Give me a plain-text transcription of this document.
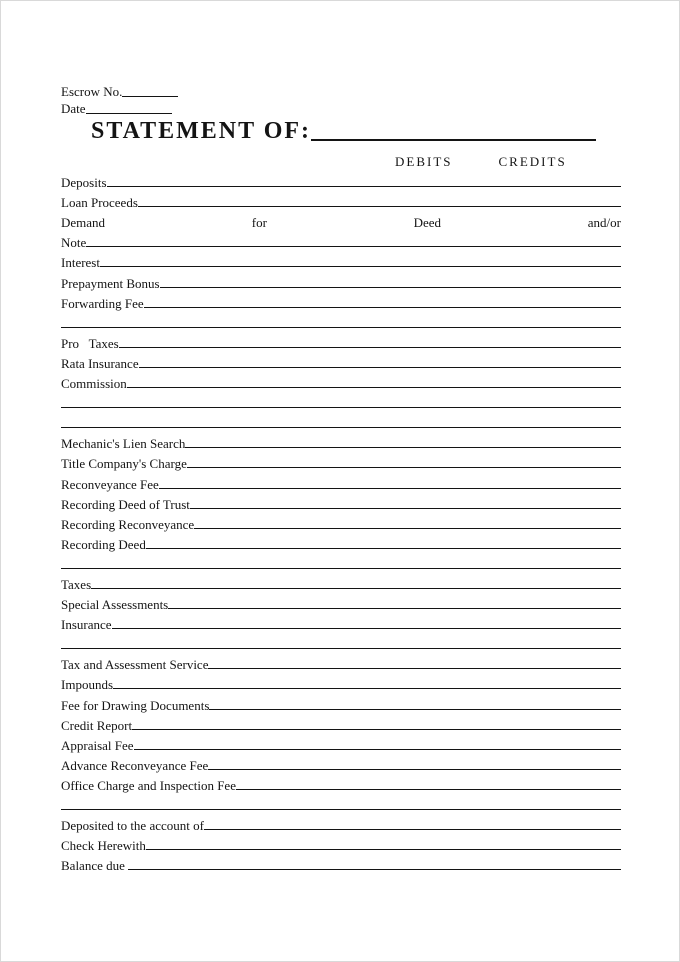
Escrow No.
Date
STATEMENT OF:
DEBITS	CREDITS
Deposits
Loan Proceeds
Demand	for	Deed	and/or
Note
Interest
Prepayment Bonus
Forwarding Fee
Pro   Taxes
Rata Insurance
Commission
Mechanic's Lien Search
Title Company's Charge
Reconveyance Fee
Recording Deed of Trust
Recording Reconveyance
Recording Deed
Taxes
Special Assessments
Insurance
Tax and Assessment Service
Impounds
Fee for Drawing Documents
Credit Report
Appraisal Fee
Advance Reconveyance Fee
Office Charge and Inspection Fee
Deposited to the account of
Check Herewith
Balance due
